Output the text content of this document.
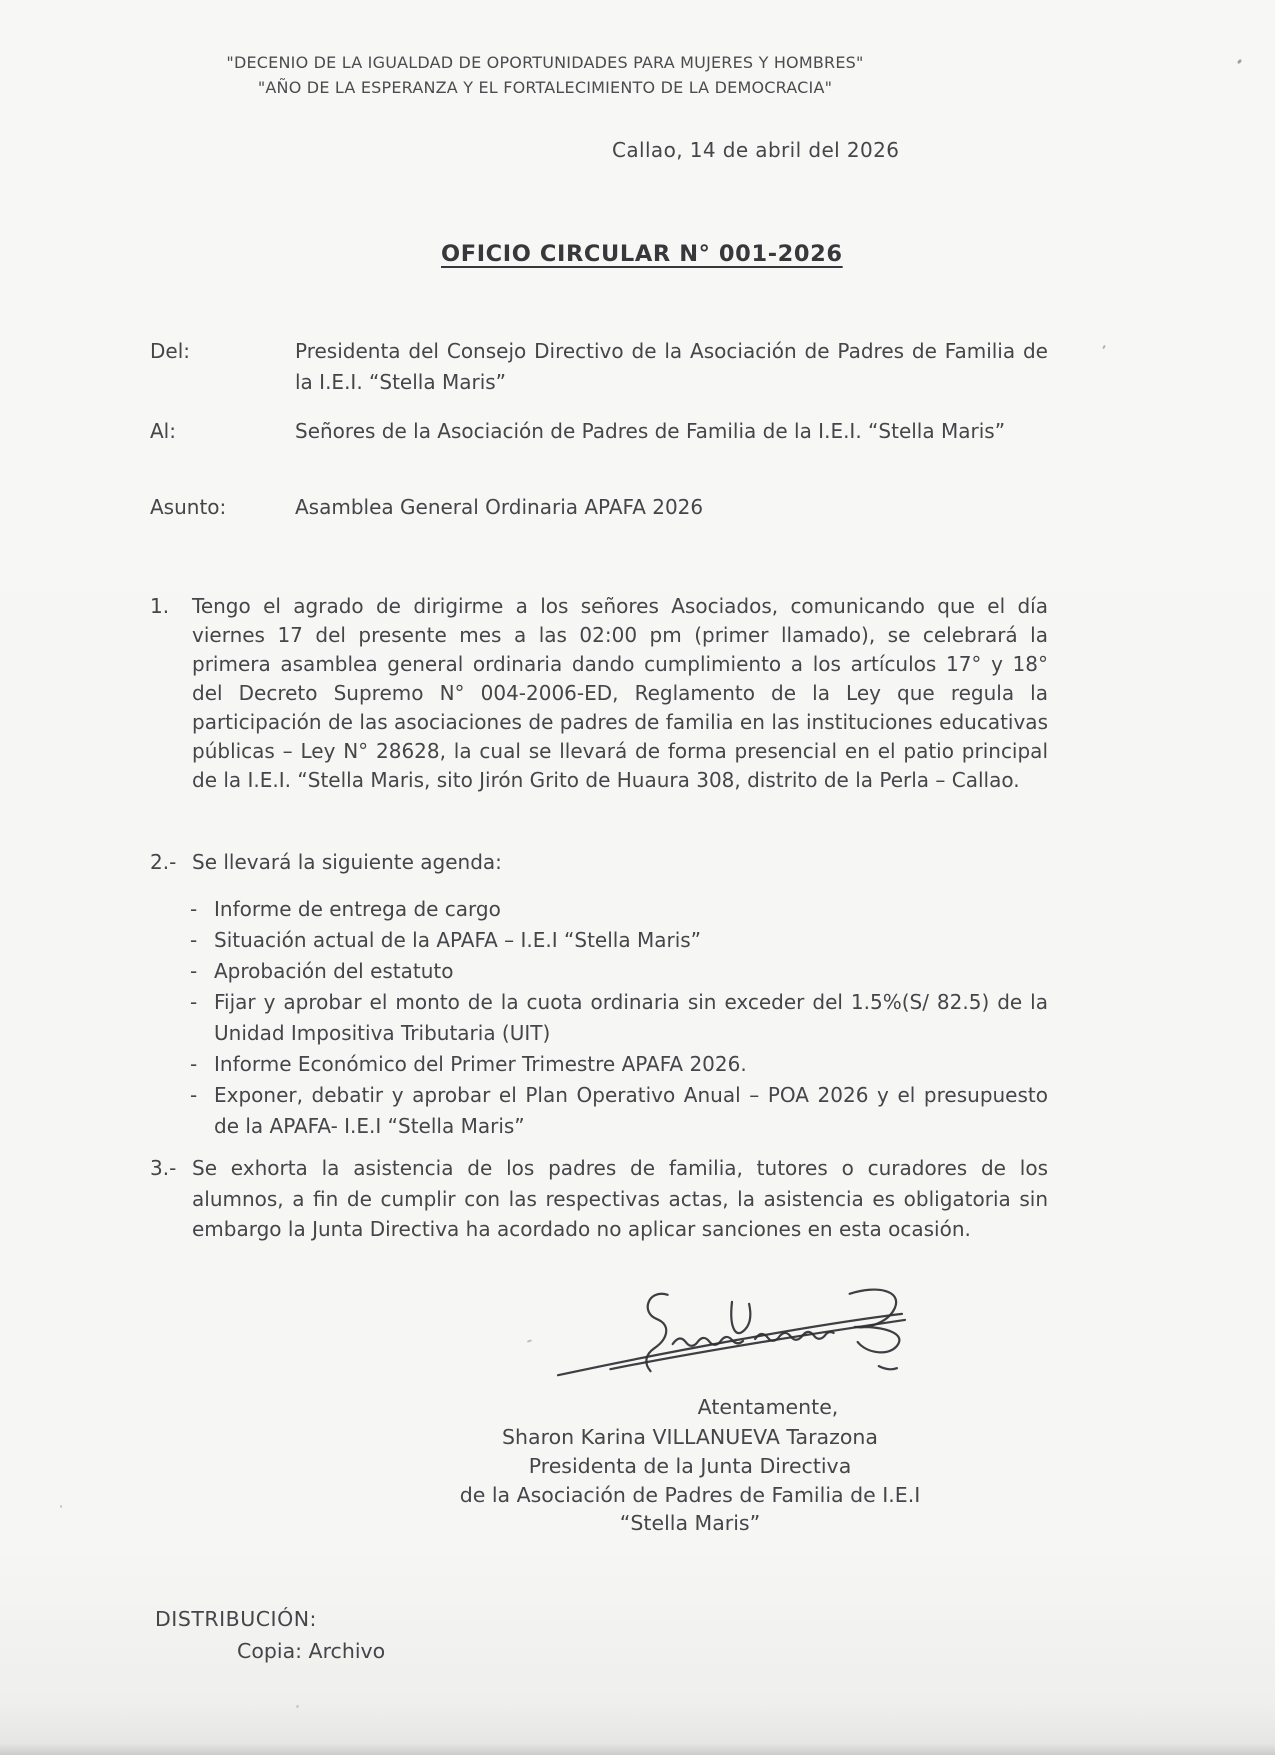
"DECENIO DE LA IGUALDAD DE OPORTUNIDADES PARA MUJERES Y HOMBRES"
"AÑO DE LA ESPERANZA Y EL FORTALECIMIENTO DE LA DEMOCRACIA"
Callao, 14 de abril del 2026
OFICIO CIRCULAR N° 001-2026
Del:	Presidenta del Consejo Directivo de la Asociación de Padres de Familia de la I.E.I. “Stella Maris”
Al:	Señores de la Asociación de Padres de Familia de la I.E.I. “Stella Maris”
Asunto:	Asamblea General Ordinaria APAFA 2026
1.	Tengo el agrado de dirigirme a los señores Asociados, comunicando que el día viernes 17 del presente mes a las 02:00 pm (primer llamado), se celebrará la primera asamblea general ordinaria dando cumplimiento a los artículos 17° y 18° del Decreto Supremo N° 004-2006-ED, Reglamento de la Ley que regula la participación de las asociaciones de padres de familia en las instituciones educativas públicas – Ley N° 28628, la cual se llevará de forma presencial en el patio principal de la I.E.I. “Stella Maris, sito Jirón Grito de Huaura 308, distrito de la Perla – Callao.
2.- Se llevará la siguiente agenda:
- Informe de entrega de cargo
- Situación actual de la APAFA – I.E.I “Stella Maris”
- Aprobación del estatuto
- Fijar y aprobar el monto de la cuota ordinaria sin exceder del 1.5%(S/ 82.5) de la Unidad Impositiva Tributaria (UIT)
- Informe Económico del Primer Trimestre APAFA 2026.
- Exponer, debatir y aprobar el Plan Operativo Anual – POA 2026 y el presupuesto de la APAFA- I.E.I “Stella Maris”
3.- Se exhorta la asistencia de los padres de familia, tutores o curadores de los alumnos, a fin de cumplir con las respectivas actas, la asistencia es obligatoria sin embargo la Junta Directiva ha acordado no aplicar sanciones en esta ocasión.
Atentamente,
Sharon Karina VILLANUEVA Tarazona
Presidenta de la Junta Directiva
de la Asociación de Padres de Familia de I.E.I
“Stella Maris”
DISTRIBUCIÓN:
Copia: Archivo
